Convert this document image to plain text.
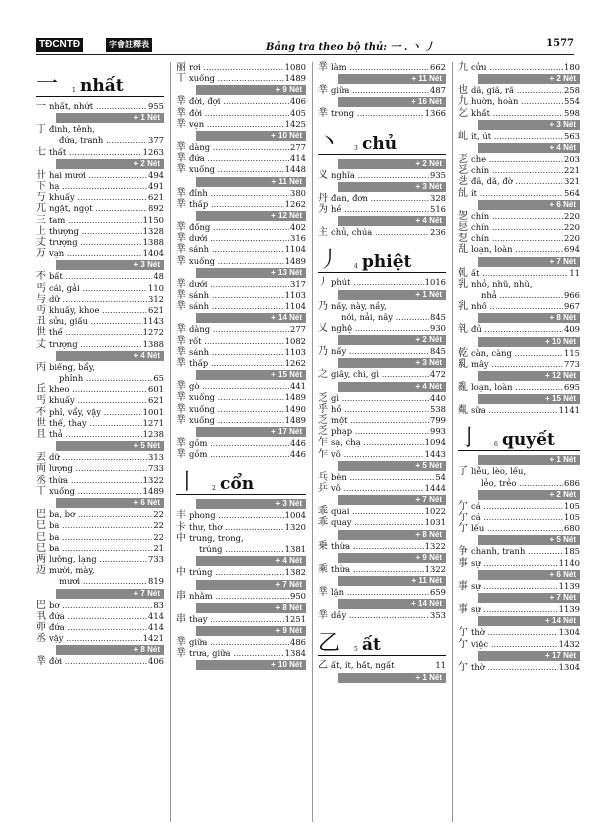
TĐCNTĐ	字會註釋表	Bảng tra theo bộ thủ: 一 . 丶 丿	1577
一 1 nhất
一 nhất, nhứt .....	955
+ 1 Nét
丁 đinh, tênh,
đứa, tranh .....	377
七 thất .....	1263
+ 2 Nét
卄 hai mươi .....	494
下 hạ .....	491
丂 khuấy .....	621
兀 ngật, ngọt .....	892
三 tam .....	1150
上 thượng .....	1328
丈 trượng .....	1388
万 vạn .....	1404
+ 3 Nét
不 bất .....	48
丐 cái, gải .....	110
与 dữ .....	312
丏 khuấy, khoe .....	621
丑 sửu, giấu .....	1143
世 thế .....	1272
丈 trượng .....	1388
+ 4 Nét
丙 biếng, bẩy,
phỉnh .....	65
丘 kheo .....	601
丐 khuấy .....	621
不 phỉ, vẩy, vậy .....	1001
世 thế, thay .....	1271
且 thả .....	1238
+ 5 Nét
丟 dữ .....	313
両 lượng .....	733
丞 thừa .....	1322
丅 xuống .....	1489
+ 6 Nét
巴 ba, bơ .....	22
巳 ba .....	22
巳 ba .....	22
巳 ba .....	21
两 lưỡng, lạng .....	733
迈 mười, mày,
mươi .....	819
+ 7 Nét
巴 bơ .....	83
丮 đứa .....	414
丣 đứa .....	414
丞 vậy .....	1421
+ 8 Nét
丵 đời .....	406
丽 rơi .....	1080
丅 xuống .....	1489
+ 9 Nét
丵 đời, đợi .....	406
丵 đời .....	405
丵 vẹn .....	1425
+ 10 Nét
丵 dàng .....	277
丵 đứa .....	414
丵 xuống .....	1448
+ 11 Nét
丵 đỉnh .....	380
丵 thấp .....	1262
+ 12 Nét
丵 đống .....	402
丵 dưới .....	316
丵 sánh .....	1104
丵 xuống .....	1489
+ 13 Nét
丵 dưới .....	317
丵 sánh .....	1103
丵 sánh .....	1104
+ 14 Nét
丵 dàng .....	277
丵 rốt .....	1082
丵 sánh .....	1103
丵 thấp .....	1262
+ 15 Nét
丵 gò .....	441
丵 xuống .....	1489
丵 xuống .....	1490
丵 xuống .....	1489
+ 17 Nét
丵 gồm .....	446
丵 gồm .....	446
丨 2 cổn
+ 3 Nét
丰 phong .....	1004
卡 thư, thơ .....	1320
中 trung, trong,
trúng .....	1381
+ 4 Nét
中 trúng .....	1382
+ 7 Nét
串 nhằm .....	950
+ 8 Nét
串 thay .....	1251
+ 9 Nét
丵 giữa .....	486
丵 trưa, giữa .....	1384
+ 10 Nét
丵 làm .....	662
+ 11 Nét
丵 giữa .....	487
+ 16 Nét
丵 trong .....	1366
丶 3 chủ
+ 2 Nét
义 nghĩa .....	935
+ 3 Nét
丹 đan, đơn .....	328
为 hề .....	516
+ 4 Nét
主 chủ, chúa .....	236
丿 4 phiệt
丿 phút .....	1016
+ 1 Nét
乃 nấy, này, nầy,
nói, nải, nãy .....	845
乂 nghệ .....	930
+ 2 Nét
乃 nấy .....	845
+ 3 Nét
之 giây, chi, gì .....	472
+ 4 Nét
乏 gì .....	440
乎 hồ .....	538
乏 một .....	799
乏 phạp .....	993
乍 sạ, chạ .....	1094
乍 vô .....	1443
+ 5 Nét
乓 bèn .....	54
乒 vô .....	1444
+ 7 Nét
乖 quai .....	1022
乖 quay .....	1031
+ 8 Nét
乗 thừa .....	1322
+ 9 Nét
乘 thừa .....	1322
+ 11 Nét
丵 lặn .....	659
+ 14 Nét
丵 dầy .....	353
乙 5 ất
乙 ất, ít, hất, ngất	11
+ 1 Nét
九 cửu .....	180
+ 2 Nét
也 dã, giã, rã .....	258
九 huờn, hoàn .....	554
乞 khất .....	598
+ 3 Nét
乢 ít, út .....	563
+ 4 Nét
乤 che .....	203
乥 chín .....	221
乧 đã, dã, đờ .....	321
乨 ít .....	564
+ 6 Nét
乫 chín .....	220
乬 chín .....	220
乭 chín .....	220
乱 loạn, loàn .....	694
+ 7 Nét
乹 ất .....	11
乳 nhỏ, nhũ, nhũ,
nhả .....	966
乳 nhô .....	967
+ 8 Nét
乵 đủ .....	409
+ 10 Nét
乾 càn, càng .....	115
乿 mây .....	773
+ 12 Nét
亂 loạn, loàn .....	695
+ 15 Nét
亃 sữa .....	1141
亅 6 quyết
+ 1 Nét
了 liễu, lèo, lếu,
lẻo, trẻo .....	686
+ 2 Nét
亇 cá .....	105
亇 cá .....	105
亇 lếu .....	680
+ 5 Nét
争 chanh, tranh .....	185
事 sự .....	1140
+ 6 Nét
事 sự .....	1139
+ 7 Nét
事 sự .....	1139
+ 14 Nét
亇 thờ .....	1304
亇 việc .....	1432
+ 17 Nét
亇 thờ .....	1304
